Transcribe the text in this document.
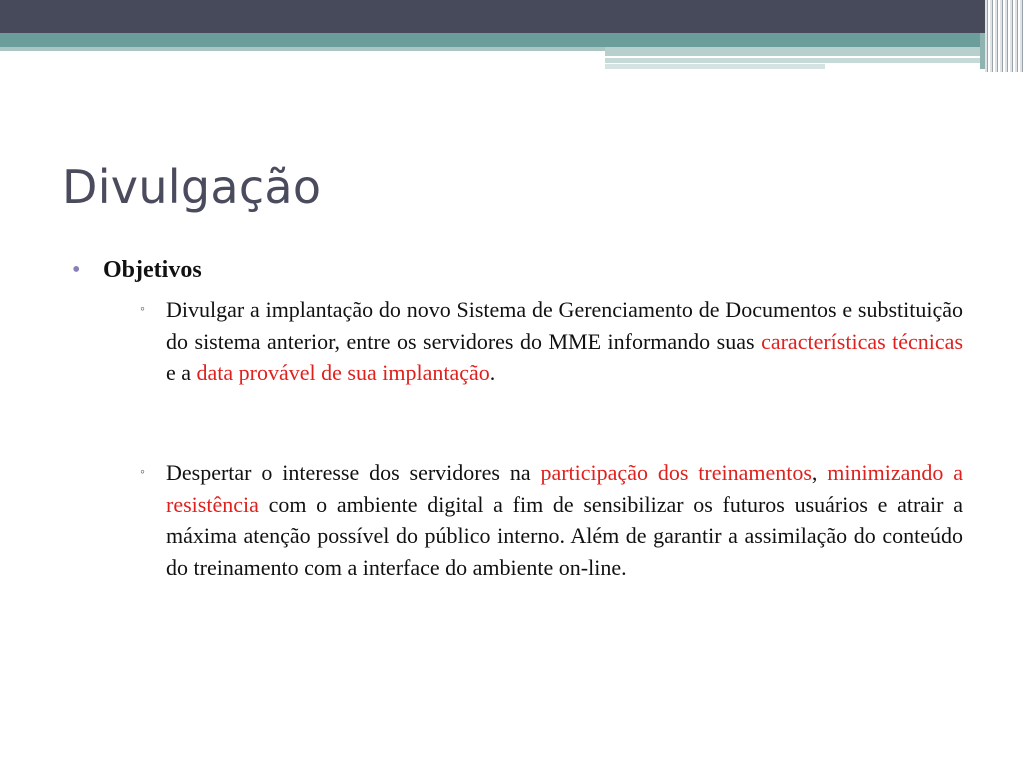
Divulgação
• Objetivos
◦ Divulgar a implantação do novo Sistema de Gerenciamento de Documentos e substituição do sistema anterior, entre os servidores do MME informando suas características técnicas e a data provável de sua implantação.

◦ Despertar o interesse dos servidores na participação dos treinamentos, minimizando a resistência com o ambiente digital a fim de sensibilizar os futuros usuários e atrair a máxima atenção possível do público interno. Além de garantir a assimilação do conteúdo do treinamento com a interface do ambiente on-line.
